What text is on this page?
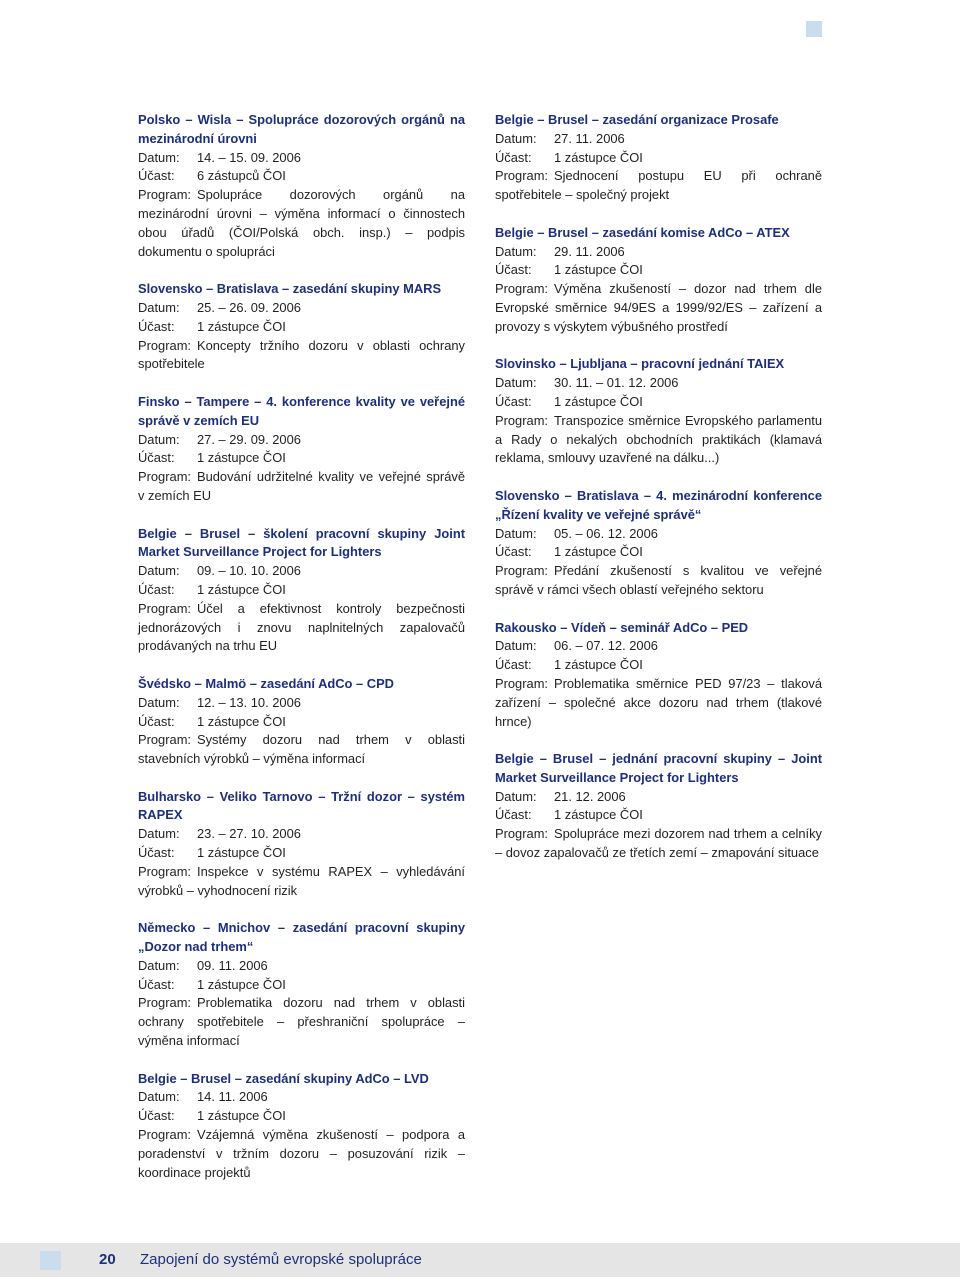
Polsko – Wisla – Spolupráce dozorových orgánů na mezinárodní úrovni

Datum: 14. – 15. 09. 2006
Účast: 6 zástupců ČOI

Program: Spolupráce dozorových orgánů na mezinárodní úrovni – výměna informací o činnostech obou úřadů (ČOI/Polská obch. insp.) – podpis dokumentu o spolupráci

Slovensko – Bratislava – zasedání skupiny MARS

Datum: 25. – 26. 09. 2006
Účast: 1 zástupce ČOI

Program: Koncepty tržního dozoru v oblasti ochrany spotřebitele

Finsko – Tampere – 4. konference kvality ve veřejné správě v zemích EU

Datum: 27. – 29. 09. 2006
Účast: 1 zástupce ČOI

Program: Budování udržitelné kvality ve veřejné správě v zemích EU

Belgie – Brusel – školení pracovní skupiny Joint Market Surveillance Project for Lighters

Datum: 09. – 10. 10. 2006
Účast: 1 zástupce ČOI

Program: Účel a efektivnost kontroly bezpečnosti jednorázových i znovu naplnitelných zapalovačů prodávaných na trhu EU

Švédsko – Malmö – zasedání AdCo – CPD

Datum: 12. – 13. 10. 2006
Účast: 1 zástupce ČOI

Program: Systémy dozoru nad trhem v oblasti stavebních výrobků – výměna informací

Bulharsko – Veliko Tarnovo – Tržní dozor – systém RAPEX

Datum: 23. – 27. 10. 2006
Účast: 1 zástupce ČOI

Program: Inspekce v systému RAPEX – vyhledávání výrobků – vyhodnocení rizik

Německo – Mnichov – zasedání pracovní skupiny „Dozor nad trhem“

Datum: 09. 11. 2006
Účast: 1 zástupce ČOI

Program: Problematika dozoru nad trhem v oblasti ochrany spotřebitele – přeshraniční spolupráce – výměna informací

Belgie – Brusel – zasedání skupiny AdCo – LVD

Datum: 14. 11. 2006
Účast: 1 zástupce ČOI

Program: Vzájemná výměna zkušeností – podpora a poradenství v tržním dozoru – posuzování rizik – koordinace projektů

Belgie – Brusel – zasedání organizace Prosafe

Datum: 27. 11. 2006
Účast: 1 zástupce ČOI

Program: Sjednocení postupu EU při ochraně spotřebitele – společný projekt

Belgie – Brusel – zasedání komise AdCo – ATEX

Datum: 29. 11. 2006
Účast: 1 zástupce ČOI

Program: Výměna zkušeností – dozor nad trhem dle Evropské směrnice 94/9ES a 1999/92/ES – zařízení a provozy s výskytem výbušného prostředí

Slovinsko – Ljubljana – pracovní jednání TAIEX

Datum: 30. 11. – 01. 12. 2006
Účast: 1 zástupce ČOI

Program: Transpozice směrnice Evropského parlamentu a Rady o nekalých obchodních praktikách (klamavá reklama, smlouvy uzavřené na dálku...)

Slovensko – Bratislava – 4. mezinárodní konference „Řízení kvality ve veřejné správě“

Datum: 05. – 06. 12. 2006
Účast: 1 zástupce ČOI

Program: Předání zkušeností s kvalitou ve veřejné správě v rámci všech oblastí veřejného sektoru

Rakousko – Vídeň – seminář AdCo – PED

Datum: 06. – 07. 12. 2006
Účast: 1 zástupce ČOI

Program: Problematika směrnice PED 97/23 – tlaková zařízení – společné akce dozoru nad trhem (tlakové hrnce)

Belgie – Brusel – jednání pracovní skupiny – Joint Market Surveillance Project for Lighters

Datum: 21. 12. 2006
Účast: 1 zástupce ČOI

Program: Spolupráce mezi dozorem nad trhem a celníky – dovoz zapalovačů ze třetích zemí – zmapování situace

20 Zapojení do systémů evropské spolupráce
